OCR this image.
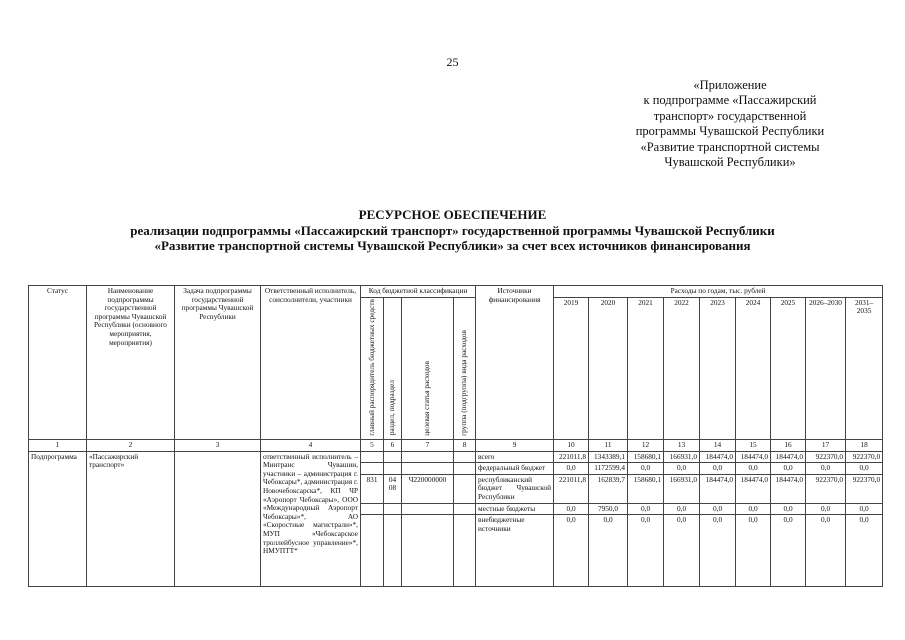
25
«Приложение
к подпрограмме «Пассажирский
транспорт» государственной
программы Чувашской Республики
«Развитие транспортной системы
Чувашской Республики»
РЕСУРСНОЕ ОБЕСПЕЧЕНИЕ
реализации подпрограммы «Пассажирский транспорт» государственной программы Чувашской Республики
«Развитие транспортной системы Чувашской Республики» за счет всех источников финансирования
Статус	Наименование подпрограммы государственной программы Чувашской Республики (основного мероприятия, мероприятия)	Задача подпрограммы государственной программы Чувашской Республики	Ответственный исполнитель, соисполнители, участники	Код бюджетной классификации				Источники финансирования	Расходы по годам, тыс. рублей								
				главный распорядитель бюджетных средств	раздел, подраздел	целевая статья расходов	группа (подгруппа) вида расходов		2019	2020	2021	2022	2023	2024	2025	2026–2030	2031–2035
1	2	3	4	5	6	7	8	9	10	11	12	13	14	15	16	17	18
Подпрограмма	«Пассажирский транспорт»		ответственный исполнитель – Минтранс Чувашии, участники – администрация г. Чебоксары*, администрация г. Новочебоксарска*, КП ЧР «Аэропорт Чебоксары», ООО «Международный Аэропорт Чебоксары»*, АО «Скоростные магистрали»*, МУП «Чебоксарское троллейбусное управление»*, НМУПТТ*					всего	221011,8	1343389,1	158680,1	166931,0	184474,0	184474,0	184474,0	922370,0	922370,0
								федеральный бюджет	0,0	1172599,4	0,0	0,0	0,0	0,0	0,0	0,0	0,0
				831	04 08	Ч220000000		республиканский бюджет Чувашской Республики	221011,8	162839,7	158680,1	166931,0	184474,0	184474,0	184474,0	922370,0	922370,0
								местные бюджеты	0,0	7950,0	0,0	0,0	0,0	0,0	0,0	0,0	0,0
								внебюджетные источники	0,0	0,0	0,0	0,0	0,0	0,0	0,0	0,0	0,0
